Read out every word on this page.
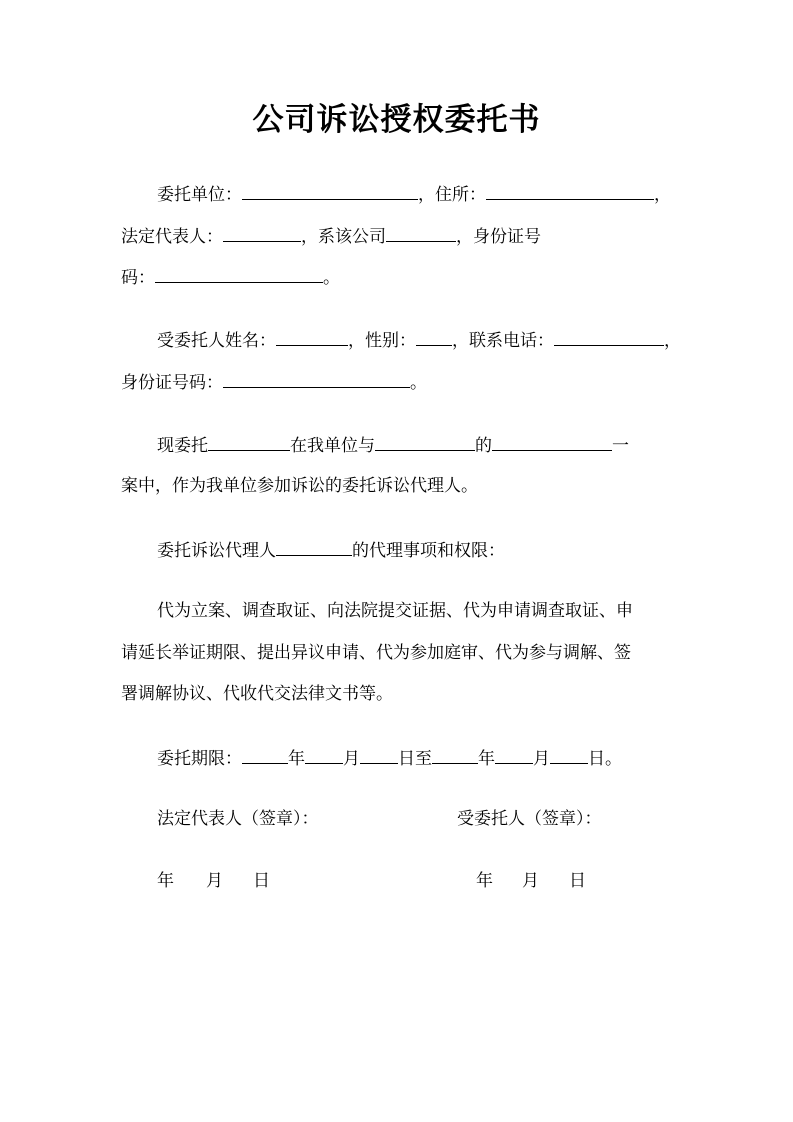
公司诉讼授权委托书
委托单位：	，住所：	，
法定代表人：	，系该公司	，身份证号
码：	。
受委托人姓名：	，性别： ，联系电话：	，
身份证号码：	。
现委托	在我单位与	的	一
案中，作为我单位参加诉讼的委托诉讼代理人。
委托诉讼代理人	的代理事项和权限：
代为立案、调查取证、向法院提交证据、代为申请调查取证、申
请延长举证期限、提出异议申请、代为参加庭审、代为参与调解、签
署调解协议、代收代交法律文书等。
委托期限：	年 月 日至	年 月 日。
法定代表人（签章）：	受委托人（签章）：
年 月 日	年 月 日
